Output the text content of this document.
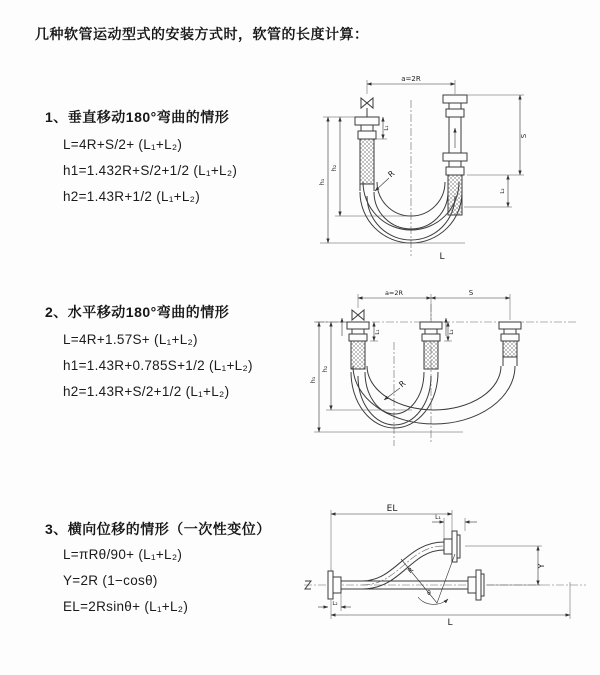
几种软管运动型式的安装方式时，软管的长度计算：
1、垂直移动180°弯曲的情形
L=4R+S/2+ (L₁+L₂)
h1=1.432R+S/2+1/2 (L₁+L₂)
h2=1.43R+1/2 (L₁+L₂)
2、水平移动180°弯曲的情形
L=4R+1.57S+ (L₁+L₂)
h1=1.43R+0.785S+1/2 (L₁+L₂)
h2=1.43R+S/2+1/2 (L₁+L₂)
3、横向位移的情形（一次性变位）
L=πRθ/90+ (L₁+L₂)
Y=2R (1−cosθ)
EL=2Rsinθ+ (L₁+L₂)
a=2R
R
h₁
h₂
L₁
S
L₂
L
a=2R	S
R
h₁
h₂
L₁	L₂
R
θ
EL
L₁
Y
L
L₂
